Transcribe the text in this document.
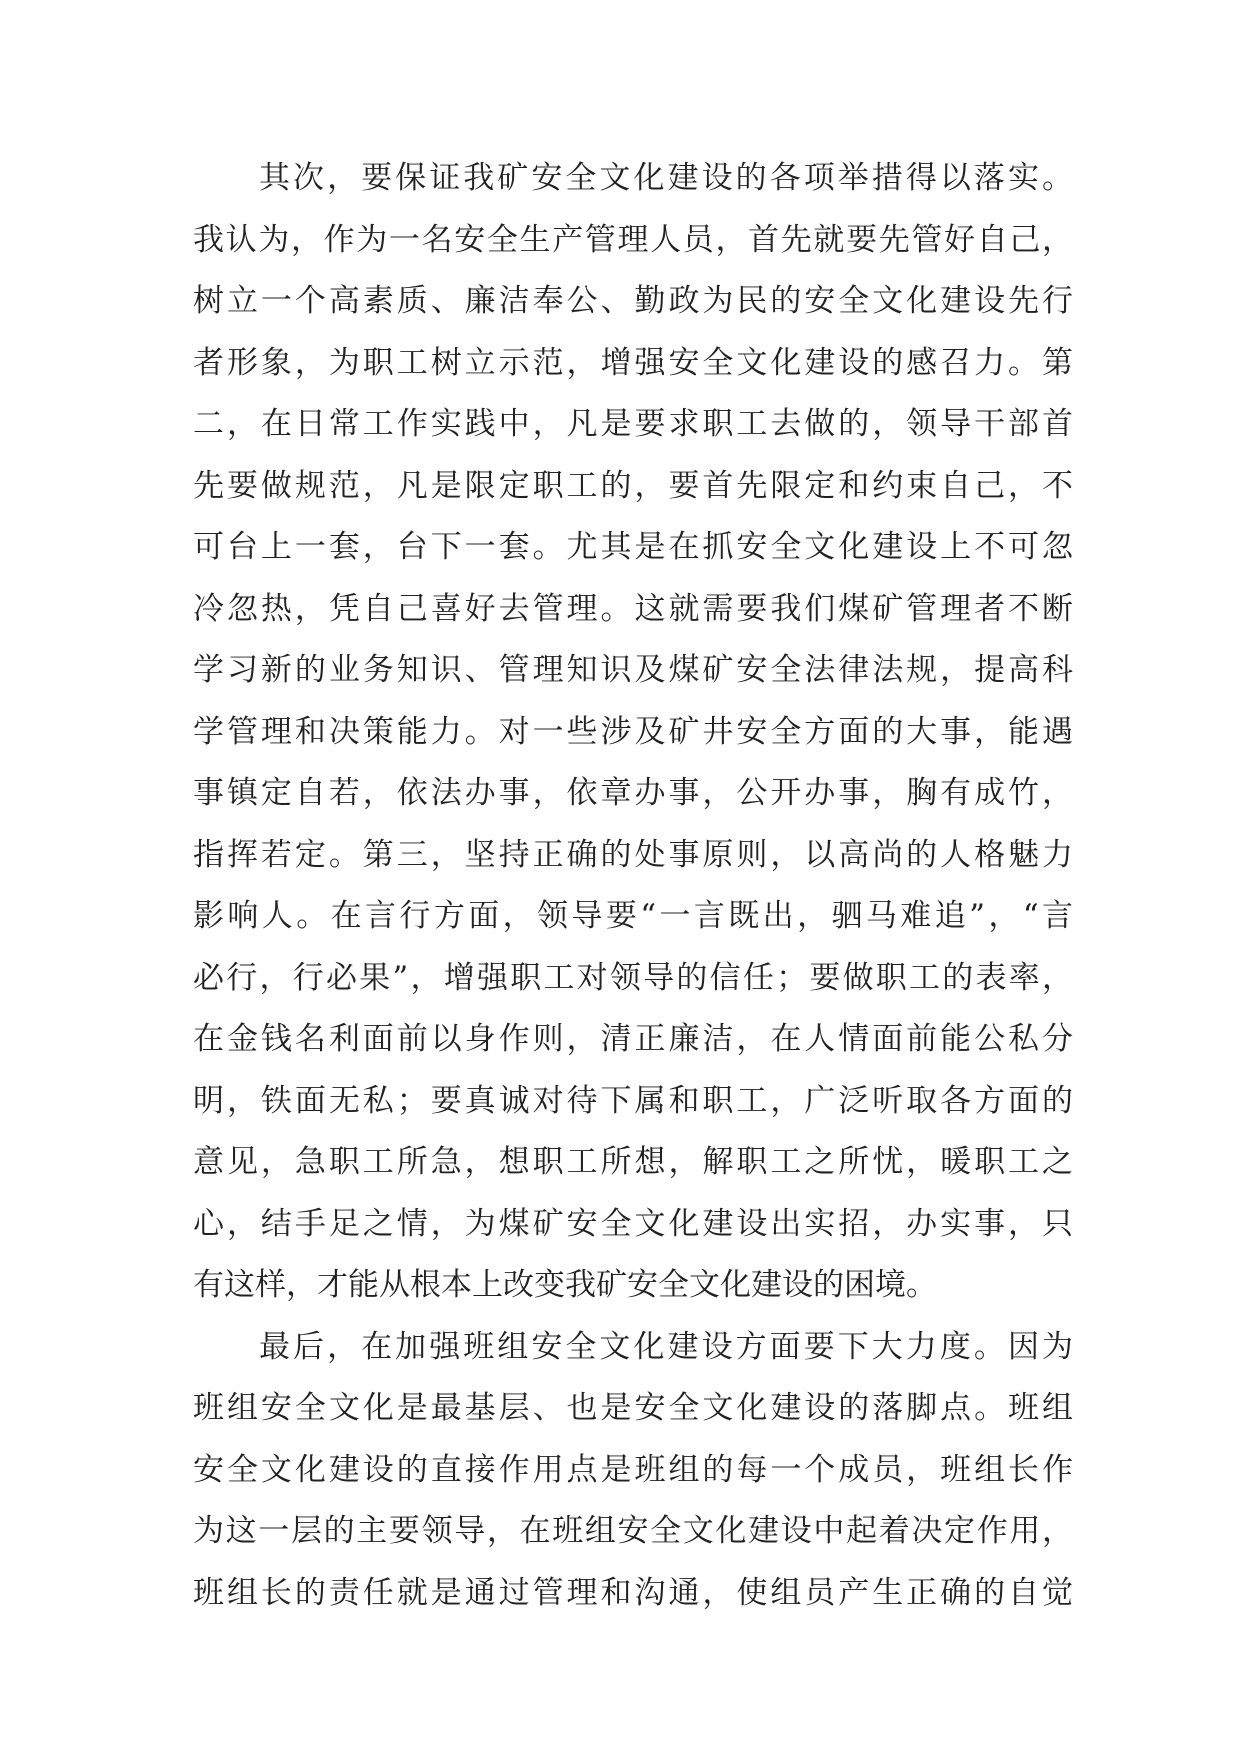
其次，要保证我矿安全文化建设的各项举措得以落实。
我认为，作为一名安全生产管理人员，首先就要先管好自己，
树立一个高素质、廉洁奉公、勤政为民的安全文化建设先行
者形象，为职工树立示范，增强安全文化建设的感召力。第
二，在日常工作实践中，凡是要求职工去做的，领导干部首
先要做规范，凡是限定职工的，要首先限定和约束自己，不
可台上一套，台下一套。尤其是在抓安全文化建设上不可忽
冷忽热，凭自己喜好去管理。这就需要我们煤矿管理者不断
学习新的业务知识、管理知识及煤矿安全法律法规，提高科
学管理和决策能力。对一些涉及矿井安全方面的大事，能遇
事镇定自若，依法办事，依章办事，公开办事，胸有成竹，
指挥若定。第三，坚持正确的处事原则，以高尚的人格魅力
影响人。在言行方面，领导要“一言既出，驷马难追”，“言
必行，行必果”，增强职工对领导的信任；要做职工的表率，
在金钱名利面前以身作则，清正廉洁，在人情面前能公私分
明，铁面无私；要真诚对待下属和职工，广泛听取各方面的
意见，急职工所急，想职工所想，解职工之所忧，暖职工之
心，结手足之情，为煤矿安全文化建设出实招，办实事，只
有这样，才能从根本上改变我矿安全文化建设的困境。
最后，在加强班组安全文化建设方面要下大力度。因为
班组安全文化是最基层、也是安全文化建设的落脚点。班组
安全文化建设的直接作用点是班组的每一个成员，班组长作
为这一层的主要领导，在班组安全文化建设中起着决定作用，
班组长的责任就是通过管理和沟通，使组员产生正确的自觉
